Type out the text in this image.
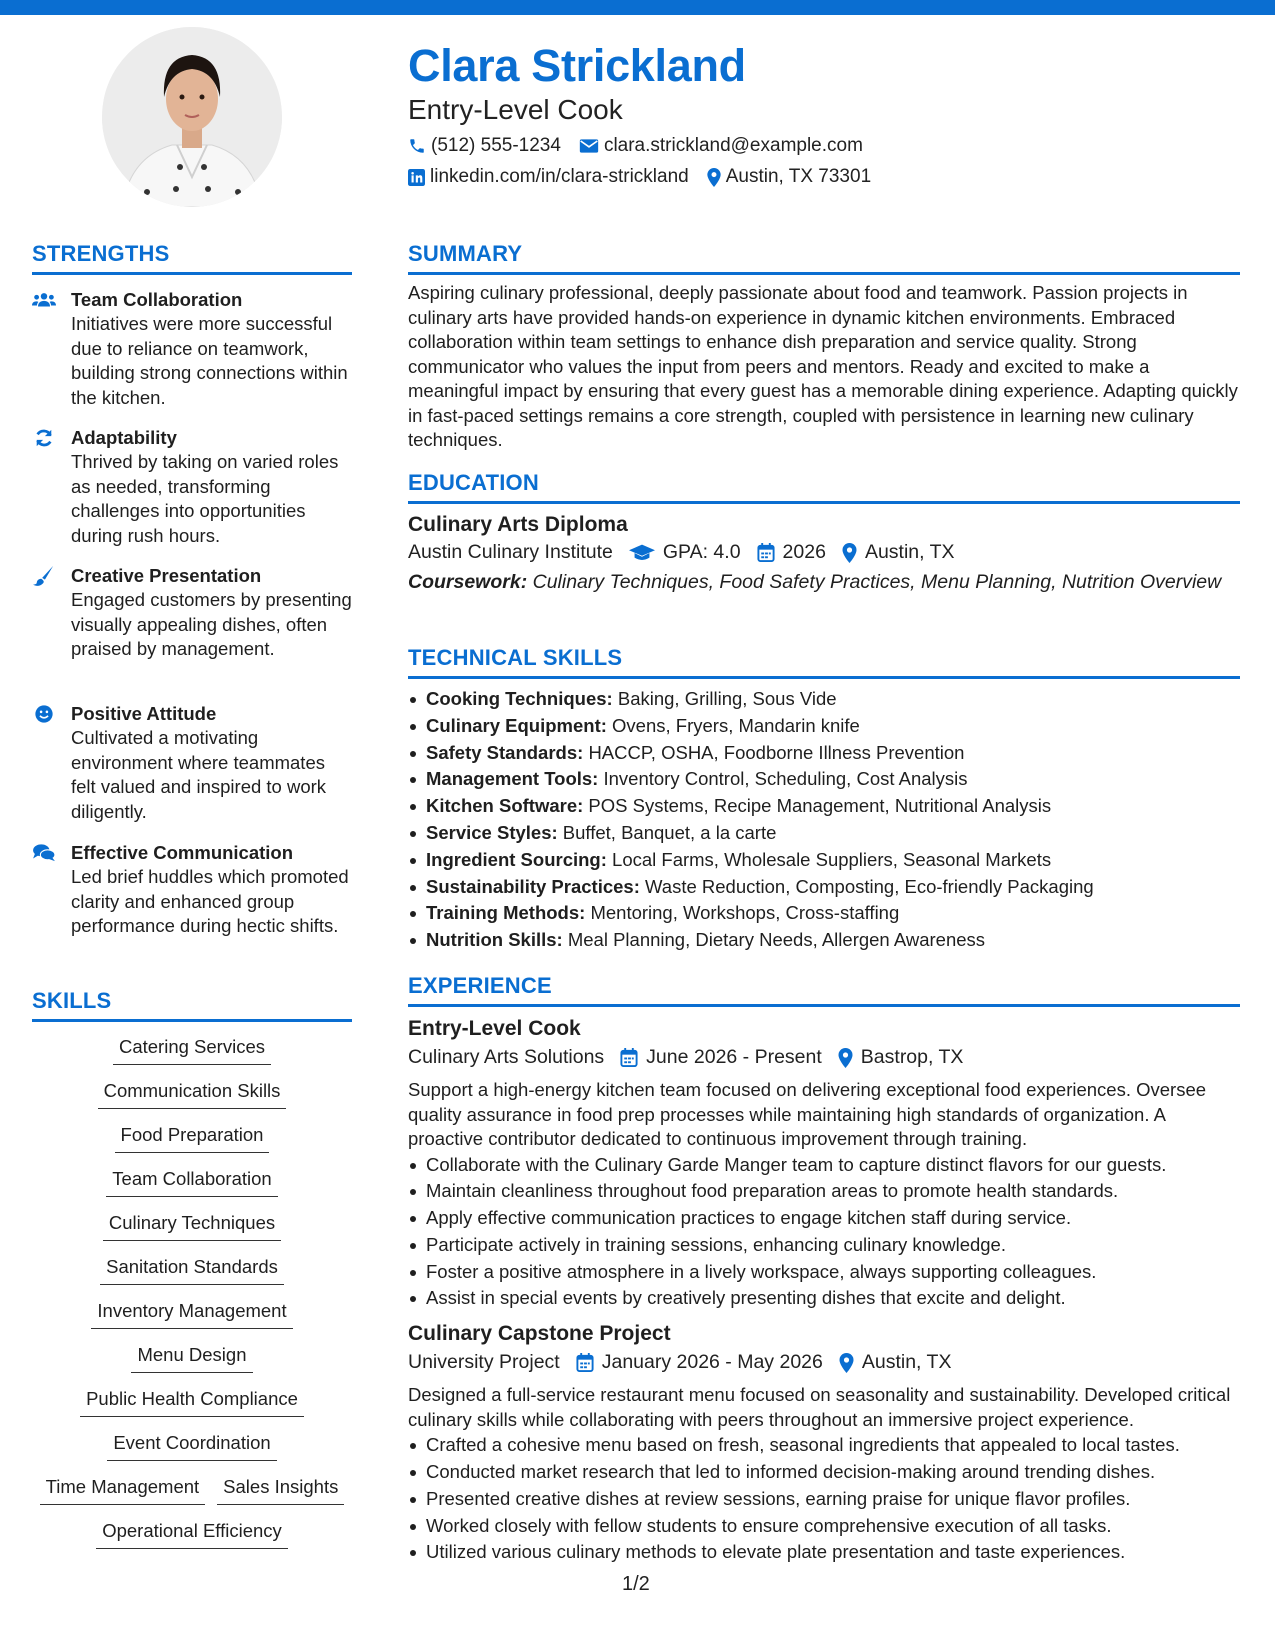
Clara Strickland
Entry-Level Cook
(512) 555-1234 clara.strickland@example.com
linkedin.com/in/clara-strickland Austin, TX 73301
STRENGTHS
Team Collaboration
Initiatives were more successful due to reliance on teamwork, building strong connections within the kitchen.
Adaptability
Thrived by taking on varied roles as needed, transforming challenges into opportunities during rush hours.
Creative Presentation
Engaged customers by presenting visually appealing dishes, often praised by management.
Positive Attitude
Cultivated a motivating environment where teammates felt valued and inspired to work diligently.
Effective Communication
Led brief huddles which promoted clarity and enhanced group performance during hectic shifts.
SKILLS
Catering Services
Communication Skills
Food Preparation
Team Collaboration
Culinary Techniques
Sanitation Standards
Inventory Management
Menu Design
Public Health Compliance
Event Coordination
Time Management	Sales Insights
Operational Efficiency
SUMMARY

Aspiring culinary professional, deeply passionate about food and teamwork. Passion projects in culinary arts have provided hands-on experience in dynamic kitchen environments. Embraced collaboration within team settings to enhance dish preparation and service quality. Strong communicator who values the input from peers and mentors. Ready and excited to make a meaningful impact by ensuring that every guest has a memorable dining experience. Adapting quickly in fast-paced settings remains a core strength, coupled with persistence in learning new culinary techniques.

EDUCATION
Culinary Arts Diploma
Austin Culinary Institute	GPA: 4.0 2026 Austin, TX

Coursework: Culinary Techniques, Food Safety Practices, Menu Planning, Nutrition Overview

TECHNICAL SKILLS
Cooking Techniques: Baking, Grilling, Sous Vide
Culinary Equipment: Ovens, Fryers, Mandarin knife
Safety Standards: HACCP, OSHA, Foodborne Illness Prevention
Management Tools: Inventory Control, Scheduling, Cost Analysis
Kitchen Software: POS Systems, Recipe Management, Nutritional Analysis
Service Styles: Buffet, Banquet, a la carte
Ingredient Sourcing: Local Farms, Wholesale Suppliers, Seasonal Markets
Sustainability Practices: Waste Reduction, Composting, Eco-friendly Packaging
Training Methods: Mentoring, Workshops, Cross-staffing
Nutrition Skills: Meal Planning, Dietary Needs, Allergen Awareness
EXPERIENCE
Entry-Level Cook
Culinary Arts Solutions June 2026 - Present Bastrop, TX

Support a high-energy kitchen team focused on delivering exceptional food experiences. Oversee quality assurance in food prep processes while maintaining high standards of organization. A proactive contributor dedicated to continuous improvement through training.

Collaborate with the Culinary Garde Manger team to capture distinct flavors for our guests.
Maintain cleanliness throughout food preparation areas to promote health standards.
Apply effective communication practices to engage kitchen staff during service.
Participate actively in training sessions, enhancing culinary knowledge.
Foster a positive atmosphere in a lively workspace, always supporting colleagues.
Assist in special events by creatively presenting dishes that excite and delight.
Culinary Capstone Project
University Project January 2026 - May 2026 Austin, TX

Designed a full-service restaurant menu focused on seasonality and sustainability. Developed critical culinary skills while collaborating with peers throughout an immersive project experience.

Crafted a cohesive menu based on fresh, seasonal ingredients that appealed to local tastes.
Conducted market research that led to informed decision-making around trending dishes.
Presented creative dishes at review sessions, earning praise for unique flavor profiles.
Worked closely with fellow students to ensure comprehensive execution of all tasks.
Utilized various culinary methods to elevate plate presentation and taste experiences.
1/2
